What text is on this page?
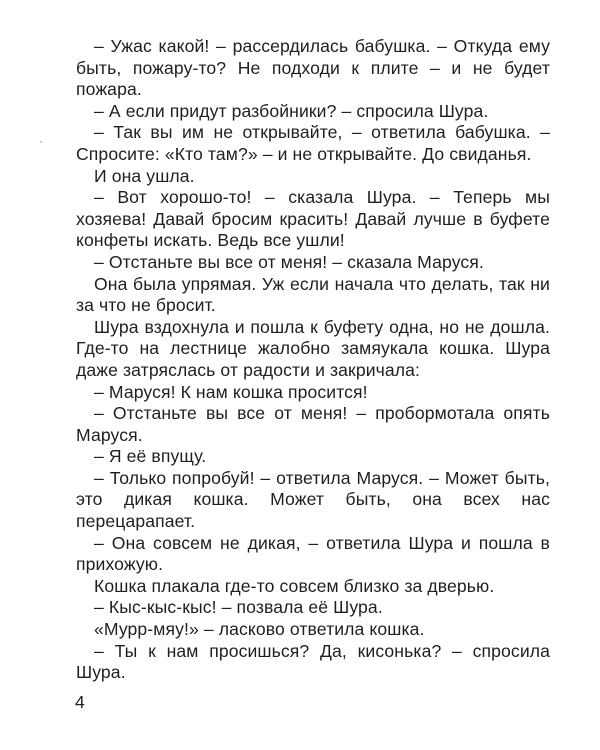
– Ужас какой! – рассердилась бабушка. – Откуда ему быть, пожару-то? Не подходи к плите – и не будет пожара.

– А если придут разбойники? – спросила Шура.

– Так вы им не открывайте, – ответила бабушка. – Спросите: «Кто там?» – и не открывайте. До свиданья.

И она ушла.

– Вот хорошо-то! – сказала Шура. – Теперь мы хозяева! Давай бросим красить! Давай лучше в буфете конфеты искать. Ведь все ушли!

– Отстаньте вы все от меня! – сказала Маруся.

Она была упрямая. Уж если начала что делать, так ни за что не бросит.

Шура вздохнула и пошла к буфету одна, но не дошла. Где-то на лестнице жалобно замяукала кошка. Шура даже затряслась от радости и закричала:

– Маруся! К нам кошка просится!

– Отстаньте вы все от меня! – пробормотала опять Маруся.

– Я её впущу.

– Только попробуй! – ответила Маруся. – Может быть, это дикая кошка. Может быть, она всех нас перецарапает.

– Она совсем не дикая, – ответила Шура и пошла в прихожую.

Кошка плакала где-то совсем близко за дверью.

– Кыс-кыс-кыс! – позвала её Шура.

«Мурр-мяу!» – ласково ответила кошка.

– Ты к нам просишься? Да, кисонька? – спросила Шура.

4
